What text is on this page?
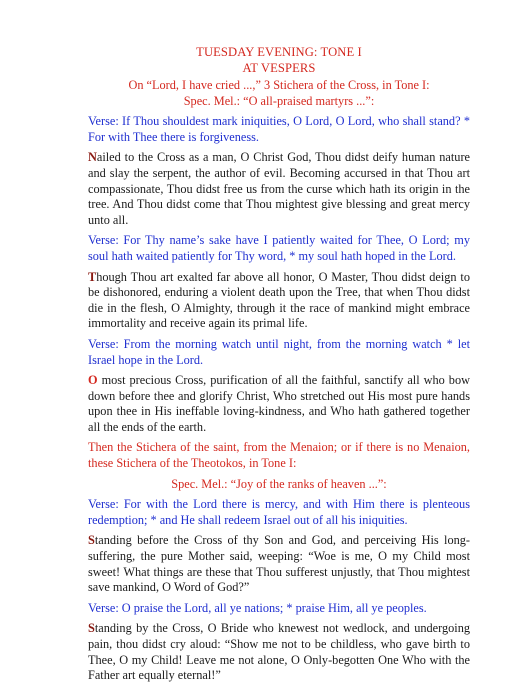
TUESDAY EVENING: TONE I

AT VESPERS

On “Lord, I have cried ...,” 3 Stichera of the Cross, in Tone I:

Spec. Mel.: “O all-praised martyrs ...”:

Verse: If Thou shouldest mark iniquities, O Lord, O Lord, who shall stand? * For with Thee there is forgiveness.

Nailed to the Cross as a man, O Christ God, Thou didst deify human nature and slay the serpent, the author of evil. Becoming accursed in that Thou art compassionate, Thou didst free us from the curse which hath its origin in the tree. And Thou didst come that Thou mightest give blessing and great mercy unto all.

Verse: For Thy name’s sake have I patiently waited for Thee, O Lord; my soul hath waited patiently for Thy word, * my soul hath hoped in the Lord.

Though Thou art exalted far above all honor, O Master, Thou didst deign to be dishonored, enduring a violent death upon the Tree, that when Thou didst die in the flesh, O Almighty, through it the race of mankind might embrace immortality and receive again its primal life.

Verse: From the morning watch until night, from the morning watch * let Israel hope in the Lord.

O most precious Cross, purification of all the faithful, sanctify all who bow down before thee and glorify Christ, Who stretched out His most pure hands upon thee in His ineffable loving-kindness, and Who hath gathered together all the ends of the earth.

Then the Stichera of the saint, from the Menaion; or if there is no Menaion, these Stichera of the Theotokos, in Tone I:

Spec. Mel.: “Joy of the ranks of heaven ...”:

Verse: For with the Lord there is mercy, and with Him there is plenteous redemption; * and He shall redeem Israel out of all his iniquities.

Standing before the Cross of thy Son and God, and perceiving His long-suffering, the pure Mother said, weeping: “Woe is me, O my Child most sweet! What things are these that Thou sufferest unjustly, that Thou mightest save mankind, O Word of God?”

Verse: O praise the Lord, all ye nations; * praise Him, all ye peoples.

Standing by the Cross, O Bride who knewest not wedlock, and undergoing pain, thou didst cry aloud: “Show me not to be childless, who gave birth to Thee, O my Child! Leave me not alone, O Only-begotten One Who with the Father art equally eternal!”
